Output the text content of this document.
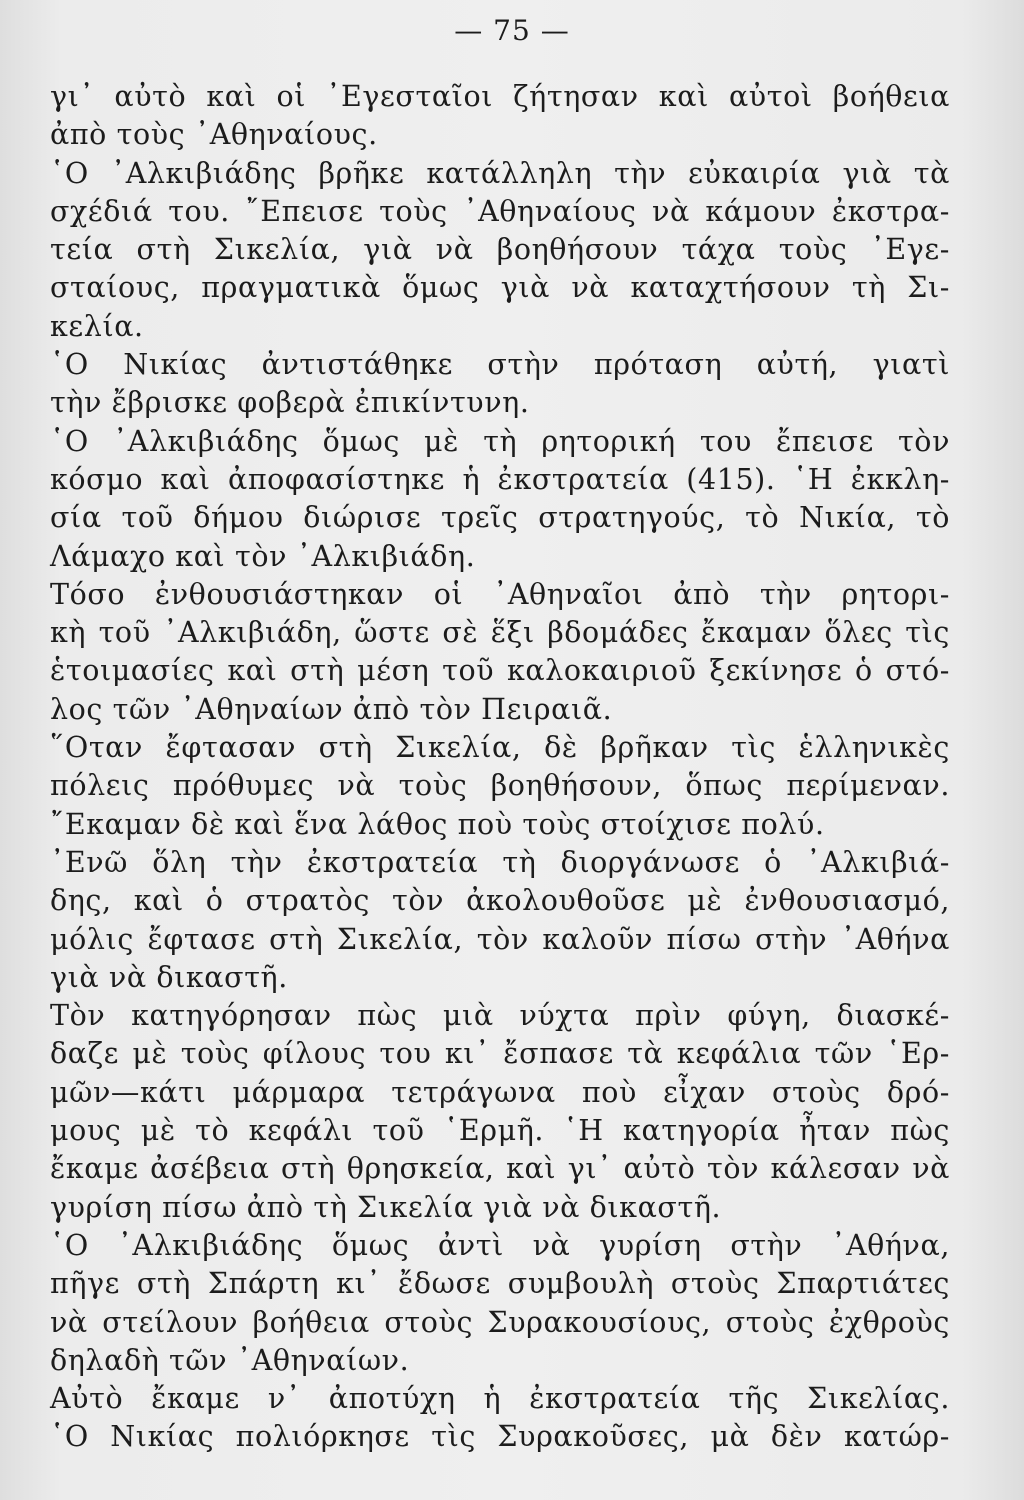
— 75 —
γι᾿ αὐτὸ καὶ οἱ ᾿Εγεσταῖοι ζήτησαν καὶ αὐτοὶ βοήθεια
ἀπὸ τοὺς ᾿Αθηναίους.
῾Ο ᾿Αλκιβιάδης βρῆκε κατάλληλη τὴν εὐκαιρία γιὰ τὰ
σχέδιά του. ῎Επεισε τοὺς ᾿Αθηναίους νὰ κάμουν ἐκστρα-
τεία στὴ Σικελία, γιὰ νὰ βοηθήσουν τάχα τοὺς ᾿Εγε-
σταίους, πραγματικὰ ὅμως γιὰ νὰ καταχτήσουν τὴ Σι-
κελία.
῾Ο Νικίας ἀντιστάθηκε στὴν πρόταση αὐτή, γιατὶ
τὴν ἔβρισκε φοβερὰ ἐπικίντυνη.
῾Ο ᾿Αλκιβιάδης ὅμως μὲ τὴ ρητορική του ἔπεισε τὸν
κόσμο καὶ ἀποφασίστηκε ἡ ἐκστρατεία (415). ῾Η ἐκκλη-
σία τοῦ δήμου διώρισε τρεῖς στρατηγούς, τὸ Νικία, τὸ
Λάμαχο καὶ τὸν ᾿Αλκιβιάδη.
Τόσο ἐνθουσιάστηκαν οἱ ᾿Αθηναῖοι ἀπὸ τὴν ρητορι-
κὴ τοῦ ᾿Αλκιβιάδη, ὥστε σὲ ἕξι βδομάδες ἔκαμαν ὅλες τὶς
ἑτοιμασίες καὶ στὴ μέση τοῦ καλοκαιριοῦ ξεκίνησε ὁ στό-
λος τῶν ᾿Αθηναίων ἀπὸ τὸν Πειραιᾶ.
῞Οταν ἔφτασαν στὴ Σικελία, δὲ βρῆκαν τὶς ἑλληνικὲς
πόλεις πρόθυμες νὰ τοὺς βοηθήσουν, ὅπως περίμεναν.
῎Εκαμαν δὲ καὶ ἕνα λάθος ποὺ τοὺς στοίχισε πολύ.
᾿Ενῶ ὅλη τὴν ἐκστρατεία τὴ διοργάνωσε ὁ ᾿Αλκιβιά-
δης, καὶ ὁ στρατὸς τὸν ἀκολουθοῦσε μὲ ἐνθουσιασμό,
μόλις ἔφτασε στὴ Σικελία, τὸν καλοῦν πίσω στὴν ᾿Αθήνα
γιὰ νὰ δικαστῆ.
Τὸν κατηγόρησαν πὼς μιὰ νύχτα πρὶν φύγη, διασκέ-
δαζε μὲ τοὺς φίλους του κι᾿ ἔσπασε τὰ κεφάλια τῶν ῾Ερ-
μῶν—κάτι μάρμαρα τετράγωνα ποὺ εἶχαν στοὺς δρό-
μους μὲ τὸ κεφάλι τοῦ ῾Ερμῆ. ῾Η κατηγορία ἦταν πὼς
ἔκαμε ἀσέβεια στὴ θρησκεία, καὶ γι᾿ αὐτὸ τὸν κάλεσαν νὰ
γυρίση πίσω ἀπὸ τὴ Σικελία γιὰ νὰ δικαστῆ.
῾Ο ᾿Αλκιβιάδης ὅμως ἀντὶ νὰ γυρίση στὴν ᾿Αθήνα,
πῆγε στὴ Σπάρτη κι᾿ ἔδωσε συμβουλὴ στοὺς Σπαρτιάτες
νὰ στείλουν βοήθεια στοὺς Συρακουσίους, στοὺς ἐχθροὺς
δηλαδὴ τῶν ᾿Αθηναίων.
Αὐτὸ ἔκαμε ν᾿ ἀποτύχη ἡ ἐκστρατεία τῆς Σικελίας.
῾Ο Νικίας πολιόρκησε τὶς Συρακοῦσες, μὰ δὲν κατώρ-
